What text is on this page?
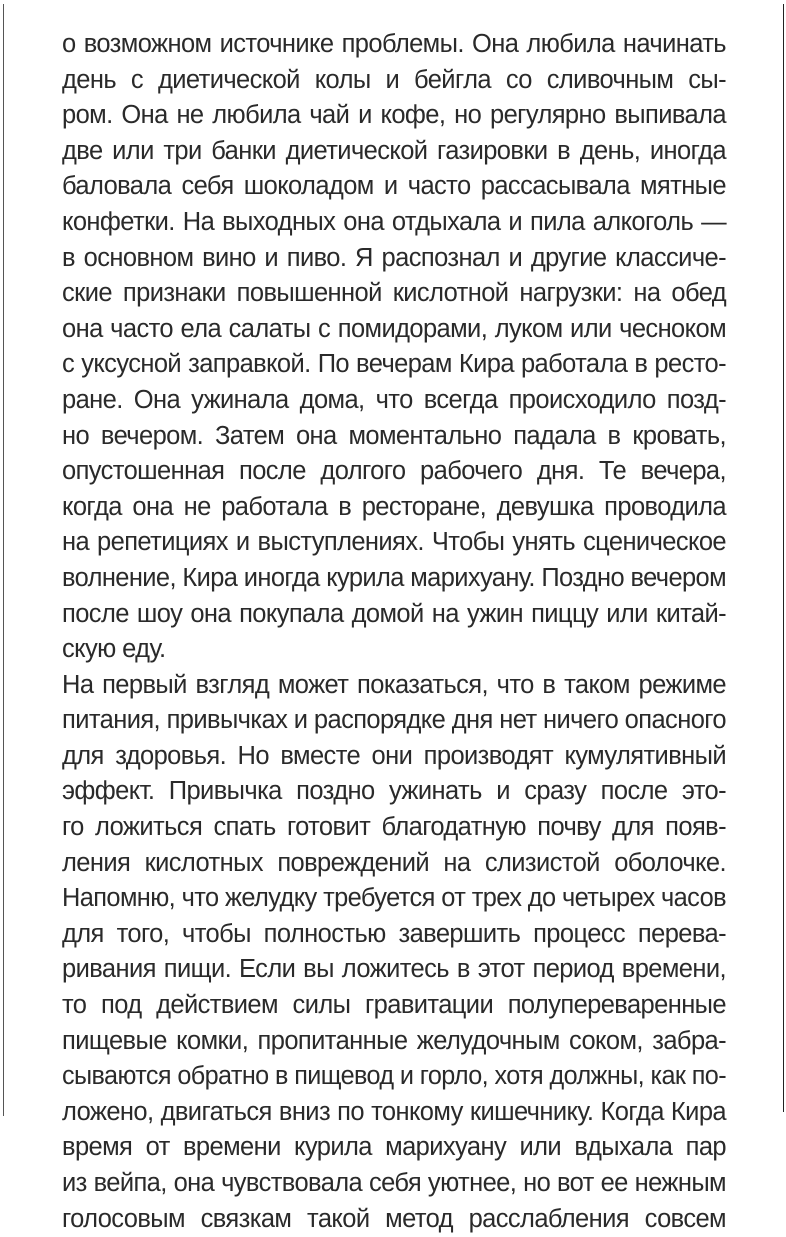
о возможном источнике проблемы. Она любила начинать
день с диетической колы и бейгла со сливочным сы-
ром. Она не любила чай и кофе, но регулярно выпивала
две или три банки диетической газировки в день, иногда
баловала себя шоколадом и часто рассасывала мятные
конфетки. На выходных она отдыхала и пила алкоголь —
в основном вино и пиво. Я распознал и другие классиче-
ские признаки повышенной кислотной нагрузки: на обед
она часто ела салаты с помидорами, луком или чесноком
с уксусной заправкой. По вечерам Кира работала в ресто-
ране. Она ужинала дома, что всегда происходило позд-
но вечером. Затем она моментально падала в кровать,
опустошенная после долгого рабочего дня. Те вечера,
когда она не работала в ресторане, девушка проводила
на репетициях и выступлениях. Чтобы унять сценическое
волнение, Кира иногда курила марихуану. Поздно вечером
после шоу она покупала домой на ужин пиццу или китай-
скую еду.
На первый взгляд может показаться, что в таком режиме
питания, привычках и распорядке дня нет ничего опасного
для здоровья. Но вместе они производят кумулятивный
эффект. Привычка поздно ужинать и сразу после это-
го ложиться спать готовит благодатную почву для появ-
ления кислотных повреждений на слизистой оболочке.
Напомню, что желудку требуется от трех до четырех часов
для того, чтобы полностью завершить процесс перева-
ривания пищи. Если вы ложитесь в этот период времени,
то под действием силы гравитации полупереваренные
пищевые комки, пропитанные желудочным соком, забра-
сываются обратно в пищевод и горло, хотя должны, как по-
ложено, двигаться вниз по тонкому кишечнику. Когда Кира
время от времени курила марихуану или вдыхала пар
из вейпа, она чувствовала себя уютнее, но вот ее нежным
голосовым связкам такой метод расслабления совсем
